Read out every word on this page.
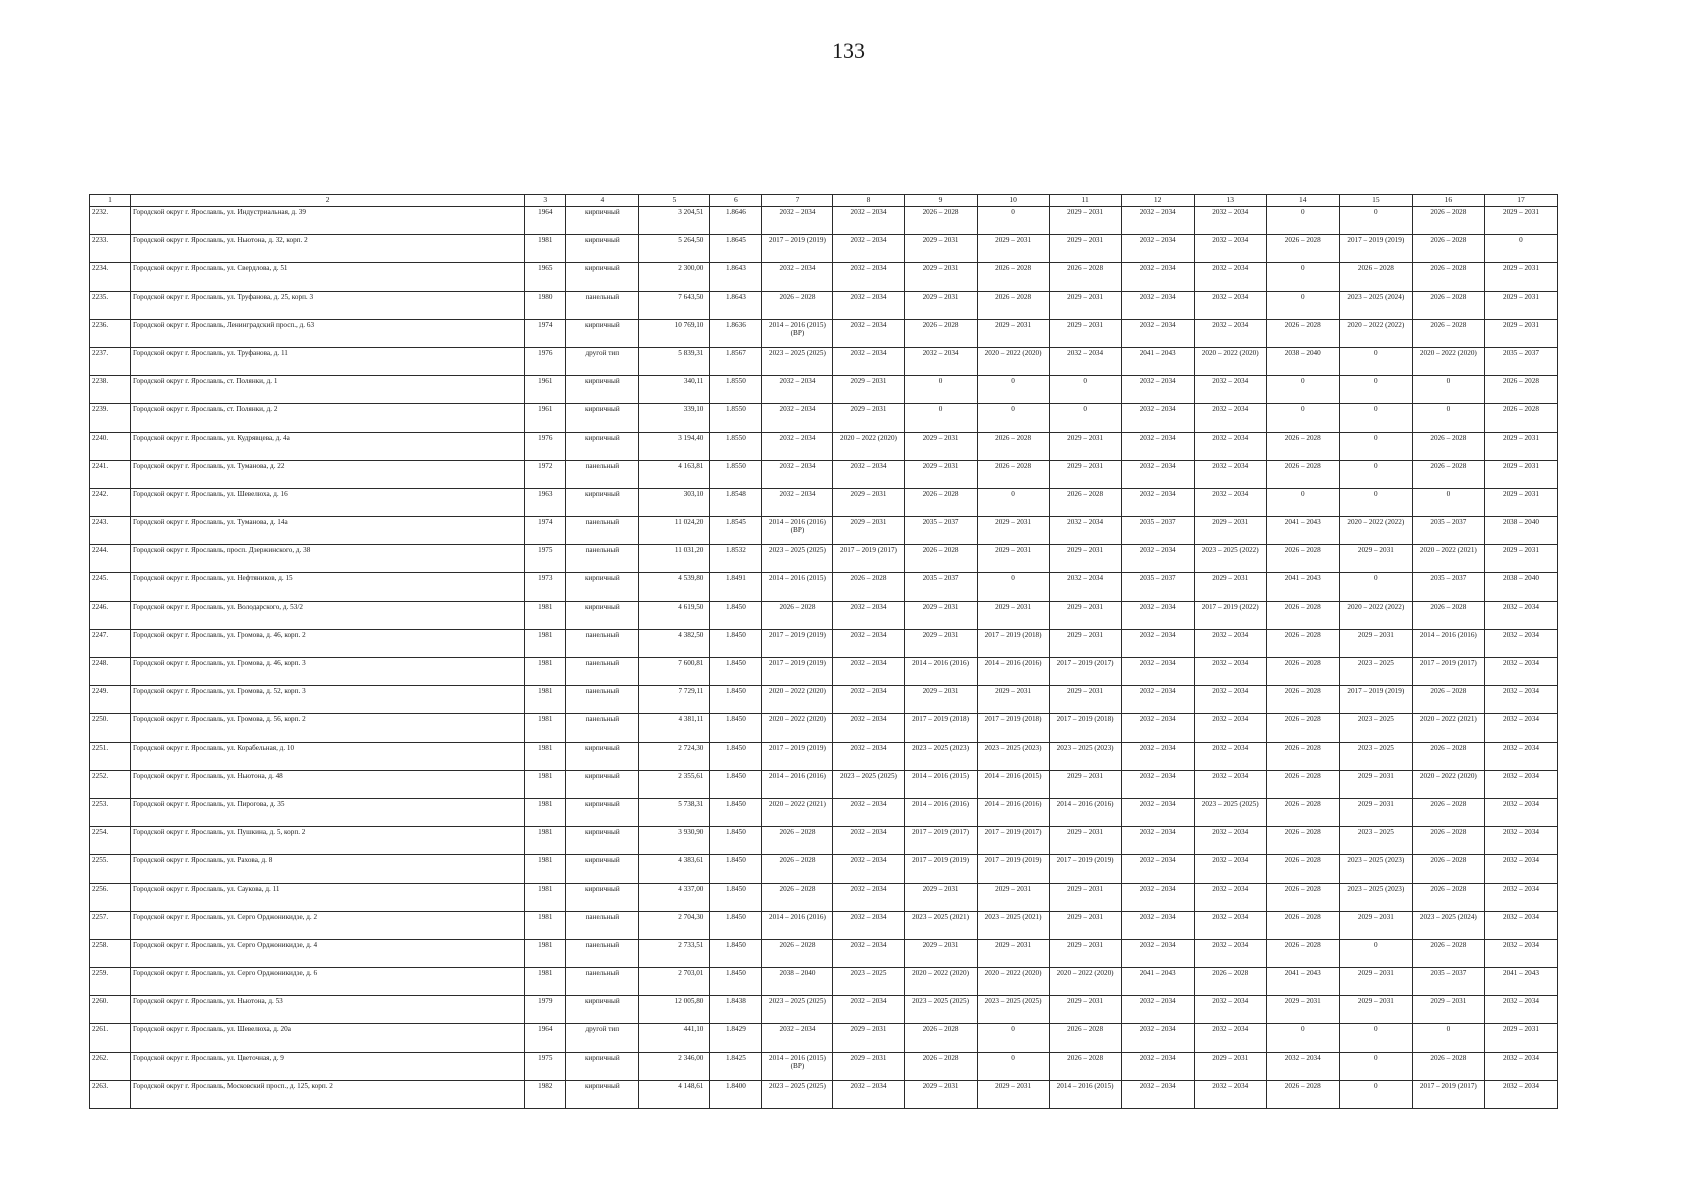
133
1	2	3	4	5	6	7	8	9	10	11	12	13	14	15	16	17
2232.	Городской округ г. Ярославль, ул. Индустриальная, д. 39	1964	кирпичный	3 204,51	1.8646	2032 – 2034	2032 – 2034	2026 – 2028	0	2029 – 2031	2032 – 2034	2032 – 2034	0	0	2026 – 2028	2029 – 2031
2233.	Городской округ г. Ярославль, ул. Ньютона, д. 32, корп. 2	1981	кирпичный	5 264,50	1.8645	2017 – 2019 (2019)	2032 – 2034	2029 – 2031	2029 – 2031	2029 – 2031	2032 – 2034	2032 – 2034	2026 – 2028	2017 – 2019 (2019)	2026 – 2028	0
2234.	Городской округ г. Ярославль, ул. Свердлова, д. 51	1965	кирпичный	2 300,00	1.8643	2032 – 2034	2032 – 2034	2029 – 2031	2026 – 2028	2026 – 2028	2032 – 2034	2032 – 2034	0	2026 – 2028	2026 – 2028	2029 – 2031
2235.	Городской округ г. Ярославль, ул. Труфанова, д. 25, корп. 3	1980	панельный	7 643,50	1.8643	2026 – 2028	2032 – 2034	2029 – 2031	2026 – 2028	2029 – 2031	2032 – 2034	2032 – 2034	0	2023 – 2025 (2024)	2026 – 2028	2029 – 2031
2236.	Городской округ г. Ярославль, Ленинградский просп., д. 63	1974	кирпичный	10 769,10	1.8636	2014 – 2016 (2015) (ВР)	2032 – 2034	2026 – 2028	2029 – 2031	2029 – 2031	2032 – 2034	2032 – 2034	2026 – 2028	2020 – 2022 (2022)	2026 – 2028	2029 – 2031
2237.	Городской округ г. Ярославль, ул. Труфанова, д. 11	1976	другой тип	5 839,31	1.8567	2023 – 2025 (2025)	2032 – 2034	2032 – 2034	2020 – 2022 (2020)	2032 – 2034	2041 – 2043	2020 – 2022 (2020)	2038 – 2040	0	2020 – 2022 (2020)	2035 – 2037
2238.	Городской округ г. Ярославль, ст. Полянки, д. 1	1961	кирпичный	340,11	1.8550	2032 – 2034	2029 – 2031	0	0	0	2032 – 2034	2032 – 2034	0	0	0	2026 – 2028
2239.	Городской округ г. Ярославль, ст. Полянки, д. 2	1961	кирпичный	339,10	1.8550	2032 – 2034	2029 – 2031	0	0	0	2032 – 2034	2032 – 2034	0	0	0	2026 – 2028
2240.	Городской округ г. Ярославль, ул. Кудрявцева, д. 4а	1976	кирпичный	3 194,40	1.8550	2032 – 2034	2020 – 2022 (2020)	2029 – 2031	2026 – 2028	2029 – 2031	2032 – 2034	2032 – 2034	2026 – 2028	0	2026 – 2028	2029 – 2031
2241.	Городской округ г. Ярославль, ул. Туманова, д. 22	1972	панельный	4 163,81	1.8550	2032 – 2034	2032 – 2034	2029 – 2031	2026 – 2028	2029 – 2031	2032 – 2034	2032 – 2034	2026 – 2028	0	2026 – 2028	2029 – 2031
2242.	Городской округ г. Ярославль, ул. Шевелюха, д. 16	1963	кирпичный	303,10	1.8548	2032 – 2034	2029 – 2031	2026 – 2028	0	2026 – 2028	2032 – 2034	2032 – 2034	0	0	0	2029 – 2031
2243.	Городской округ г. Ярославль, ул. Туманова, д. 14а	1974	панельный	11 024,20	1.8545	2014 – 2016 (2016) (ВР)	2029 – 2031	2035 – 2037	2029 – 2031	2032 – 2034	2035 – 2037	2029 – 2031	2041 – 2043	2020 – 2022 (2022)	2035 – 2037	2038 – 2040
2244.	Городской округ г. Ярославль, просп. Дзержинского, д. 38	1975	панельный	11 031,20	1.8532	2023 – 2025 (2025)	2017 – 2019 (2017)	2026 – 2028	2029 – 2031	2029 – 2031	2032 – 2034	2023 – 2025 (2022)	2026 – 2028	2029 – 2031	2020 – 2022 (2021)	2029 – 2031
2245.	Городской округ г. Ярославль, ул. Нефтяников, д. 15	1973	кирпичный	4 539,80	1.8491	2014 – 2016 (2015)	2026 – 2028	2035 – 2037	0	2032 – 2034	2035 – 2037	2029 – 2031	2041 – 2043	0	2035 – 2037	2038 – 2040
2246.	Городской округ г. Ярославль, ул. Володарского, д. 53/2	1981	кирпичный	4 619,50	1.8450	2026 – 2028	2032 – 2034	2029 – 2031	2029 – 2031	2029 – 2031	2032 – 2034	2017 – 2019 (2022)	2026 – 2028	2020 – 2022 (2022)	2026 – 2028	2032 – 2034
2247.	Городской округ г. Ярославль, ул. Громова, д. 46, корп. 2	1981	панельный	4 382,50	1.8450	2017 – 2019 (2019)	2032 – 2034	2029 – 2031	2017 – 2019 (2018)	2029 – 2031	2032 – 2034	2032 – 2034	2026 – 2028	2029 – 2031	2014 – 2016 (2016)	2032 – 2034
2248.	Городской округ г. Ярославль, ул. Громова, д. 46, корп. 3	1981	панельный	7 600,81	1.8450	2017 – 2019 (2019)	2032 – 2034	2014 – 2016 (2016)	2014 – 2016 (2016)	2017 – 2019 (2017)	2032 – 2034	2032 – 2034	2026 – 2028	2023 – 2025	2017 – 2019 (2017)	2032 – 2034
2249.	Городской округ г. Ярославль, ул. Громова, д. 52, корп. 3	1981	панельный	7 729,11	1.8450	2020 – 2022 (2020)	2032 – 2034	2029 – 2031	2029 – 2031	2029 – 2031	2032 – 2034	2032 – 2034	2026 – 2028	2017 – 2019 (2019)	2026 – 2028	2032 – 2034
2250.	Городской округ г. Ярославль, ул. Громова, д. 56, корп. 2	1981	панельный	4 381,11	1.8450	2020 – 2022 (2020)	2032 – 2034	2017 – 2019 (2018)	2017 – 2019 (2018)	2017 – 2019 (2018)	2032 – 2034	2032 – 2034	2026 – 2028	2023 – 2025	2020 – 2022 (2021)	2032 – 2034
2251.	Городской округ г. Ярославль, ул. Корабельная, д. 10	1981	кирпичный	2 724,30	1.8450	2017 – 2019 (2019)	2032 – 2034	2023 – 2025 (2023)	2023 – 2025 (2023)	2023 – 2025 (2023)	2032 – 2034	2032 – 2034	2026 – 2028	2023 – 2025	2026 – 2028	2032 – 2034
2252.	Городской округ г. Ярославль, ул. Ньютона, д. 48	1981	кирпичный	2 355,61	1.8450	2014 – 2016 (2016)	2023 – 2025 (2025)	2014 – 2016 (2015)	2014 – 2016 (2015)	2029 – 2031	2032 – 2034	2032 – 2034	2026 – 2028	2029 – 2031	2020 – 2022 (2020)	2032 – 2034
2253.	Городской округ г. Ярославль, ул. Пирогова, д. 35	1981	кирпичный	5 738,31	1.8450	2020 – 2022 (2021)	2032 – 2034	2014 – 2016 (2016)	2014 – 2016 (2016)	2014 – 2016 (2016)	2032 – 2034	2023 – 2025 (2025)	2026 – 2028	2029 – 2031	2026 – 2028	2032 – 2034
2254.	Городской округ г. Ярославль, ул. Пушкина, д. 5, корп. 2	1981	кирпичный	3 930,90	1.8450	2026 – 2028	2032 – 2034	2017 – 2019 (2017)	2017 – 2019 (2017)	2029 – 2031	2032 – 2034	2032 – 2034	2026 – 2028	2023 – 2025	2026 – 2028	2032 – 2034
2255.	Городской округ г. Ярославль, ул. Рахова, д. 8	1981	кирпичный	4 383,61	1.8450	2026 – 2028	2032 – 2034	2017 – 2019 (2019)	2017 – 2019 (2019)	2017 – 2019 (2019)	2032 – 2034	2032 – 2034	2026 – 2028	2023 – 2025 (2023)	2026 – 2028	2032 – 2034
2256.	Городской округ г. Ярославль, ул. Саукова, д. 11	1981	кирпичный	4 337,00	1.8450	2026 – 2028	2032 – 2034	2029 – 2031	2029 – 2031	2029 – 2031	2032 – 2034	2032 – 2034	2026 – 2028	2023 – 2025 (2023)	2026 – 2028	2032 – 2034
2257.	Городской округ г. Ярославль, ул. Серго Орджоникидзе, д. 2	1981	панельный	2 704,30	1.8450	2014 – 2016 (2016)	2032 – 2034	2023 – 2025 (2021)	2023 – 2025 (2021)	2029 – 2031	2032 – 2034	2032 – 2034	2026 – 2028	2029 – 2031	2023 – 2025 (2024)	2032 – 2034
2258.	Городской округ г. Ярославль, ул. Серго Орджоникидзе, д. 4	1981	панельный	2 733,51	1.8450	2026 – 2028	2032 – 2034	2029 – 2031	2029 – 2031	2029 – 2031	2032 – 2034	2032 – 2034	2026 – 2028	0	2026 – 2028	2032 – 2034
2259.	Городской округ г. Ярославль, ул. Серго Орджоникидзе, д. 6	1981	панельный	2 703,01	1.8450	2038 – 2040	2023 – 2025	2020 – 2022 (2020)	2020 – 2022 (2020)	2020 – 2022 (2020)	2041 – 2043	2026 – 2028	2041 – 2043	2029 – 2031	2035 – 2037	2041 – 2043
2260.	Городской округ г. Ярославль, ул. Ньютона, д. 53	1979	кирпичный	12 005,80	1.8438	2023 – 2025 (2025)	2032 – 2034	2023 – 2025 (2025)	2023 – 2025 (2025)	2029 – 2031	2032 – 2034	2032 – 2034	2029 – 2031	2029 – 2031	2029 – 2031	2032 – 2034
2261.	Городской округ г. Ярославль, ул. Шевелюха, д. 20а	1964	другой тип	441,10	1.8429	2032 – 2034	2029 – 2031	2026 – 2028	0	2026 – 2028	2032 – 2034	2032 – 2034	0	0	0	2029 – 2031
2262.	Городской округ г. Ярославль, ул. Цветочная, д. 9	1975	кирпичный	2 346,00	1.8425	2014 – 2016 (2015) (ВР)	2029 – 2031	2026 – 2028	0	2026 – 2028	2032 – 2034	2029 – 2031	2032 – 2034	0	2026 – 2028	2032 – 2034
2263.	Городской округ г. Ярославль, Московский просп., д. 125, корп. 2	1982	кирпичный	4 148,61	1.8400	2023 – 2025 (2025)	2032 – 2034	2029 – 2031	2029 – 2031	2014 – 2016 (2015)	2032 – 2034	2032 – 2034	2026 – 2028	0	2017 – 2019 (2017)	2032 – 2034
